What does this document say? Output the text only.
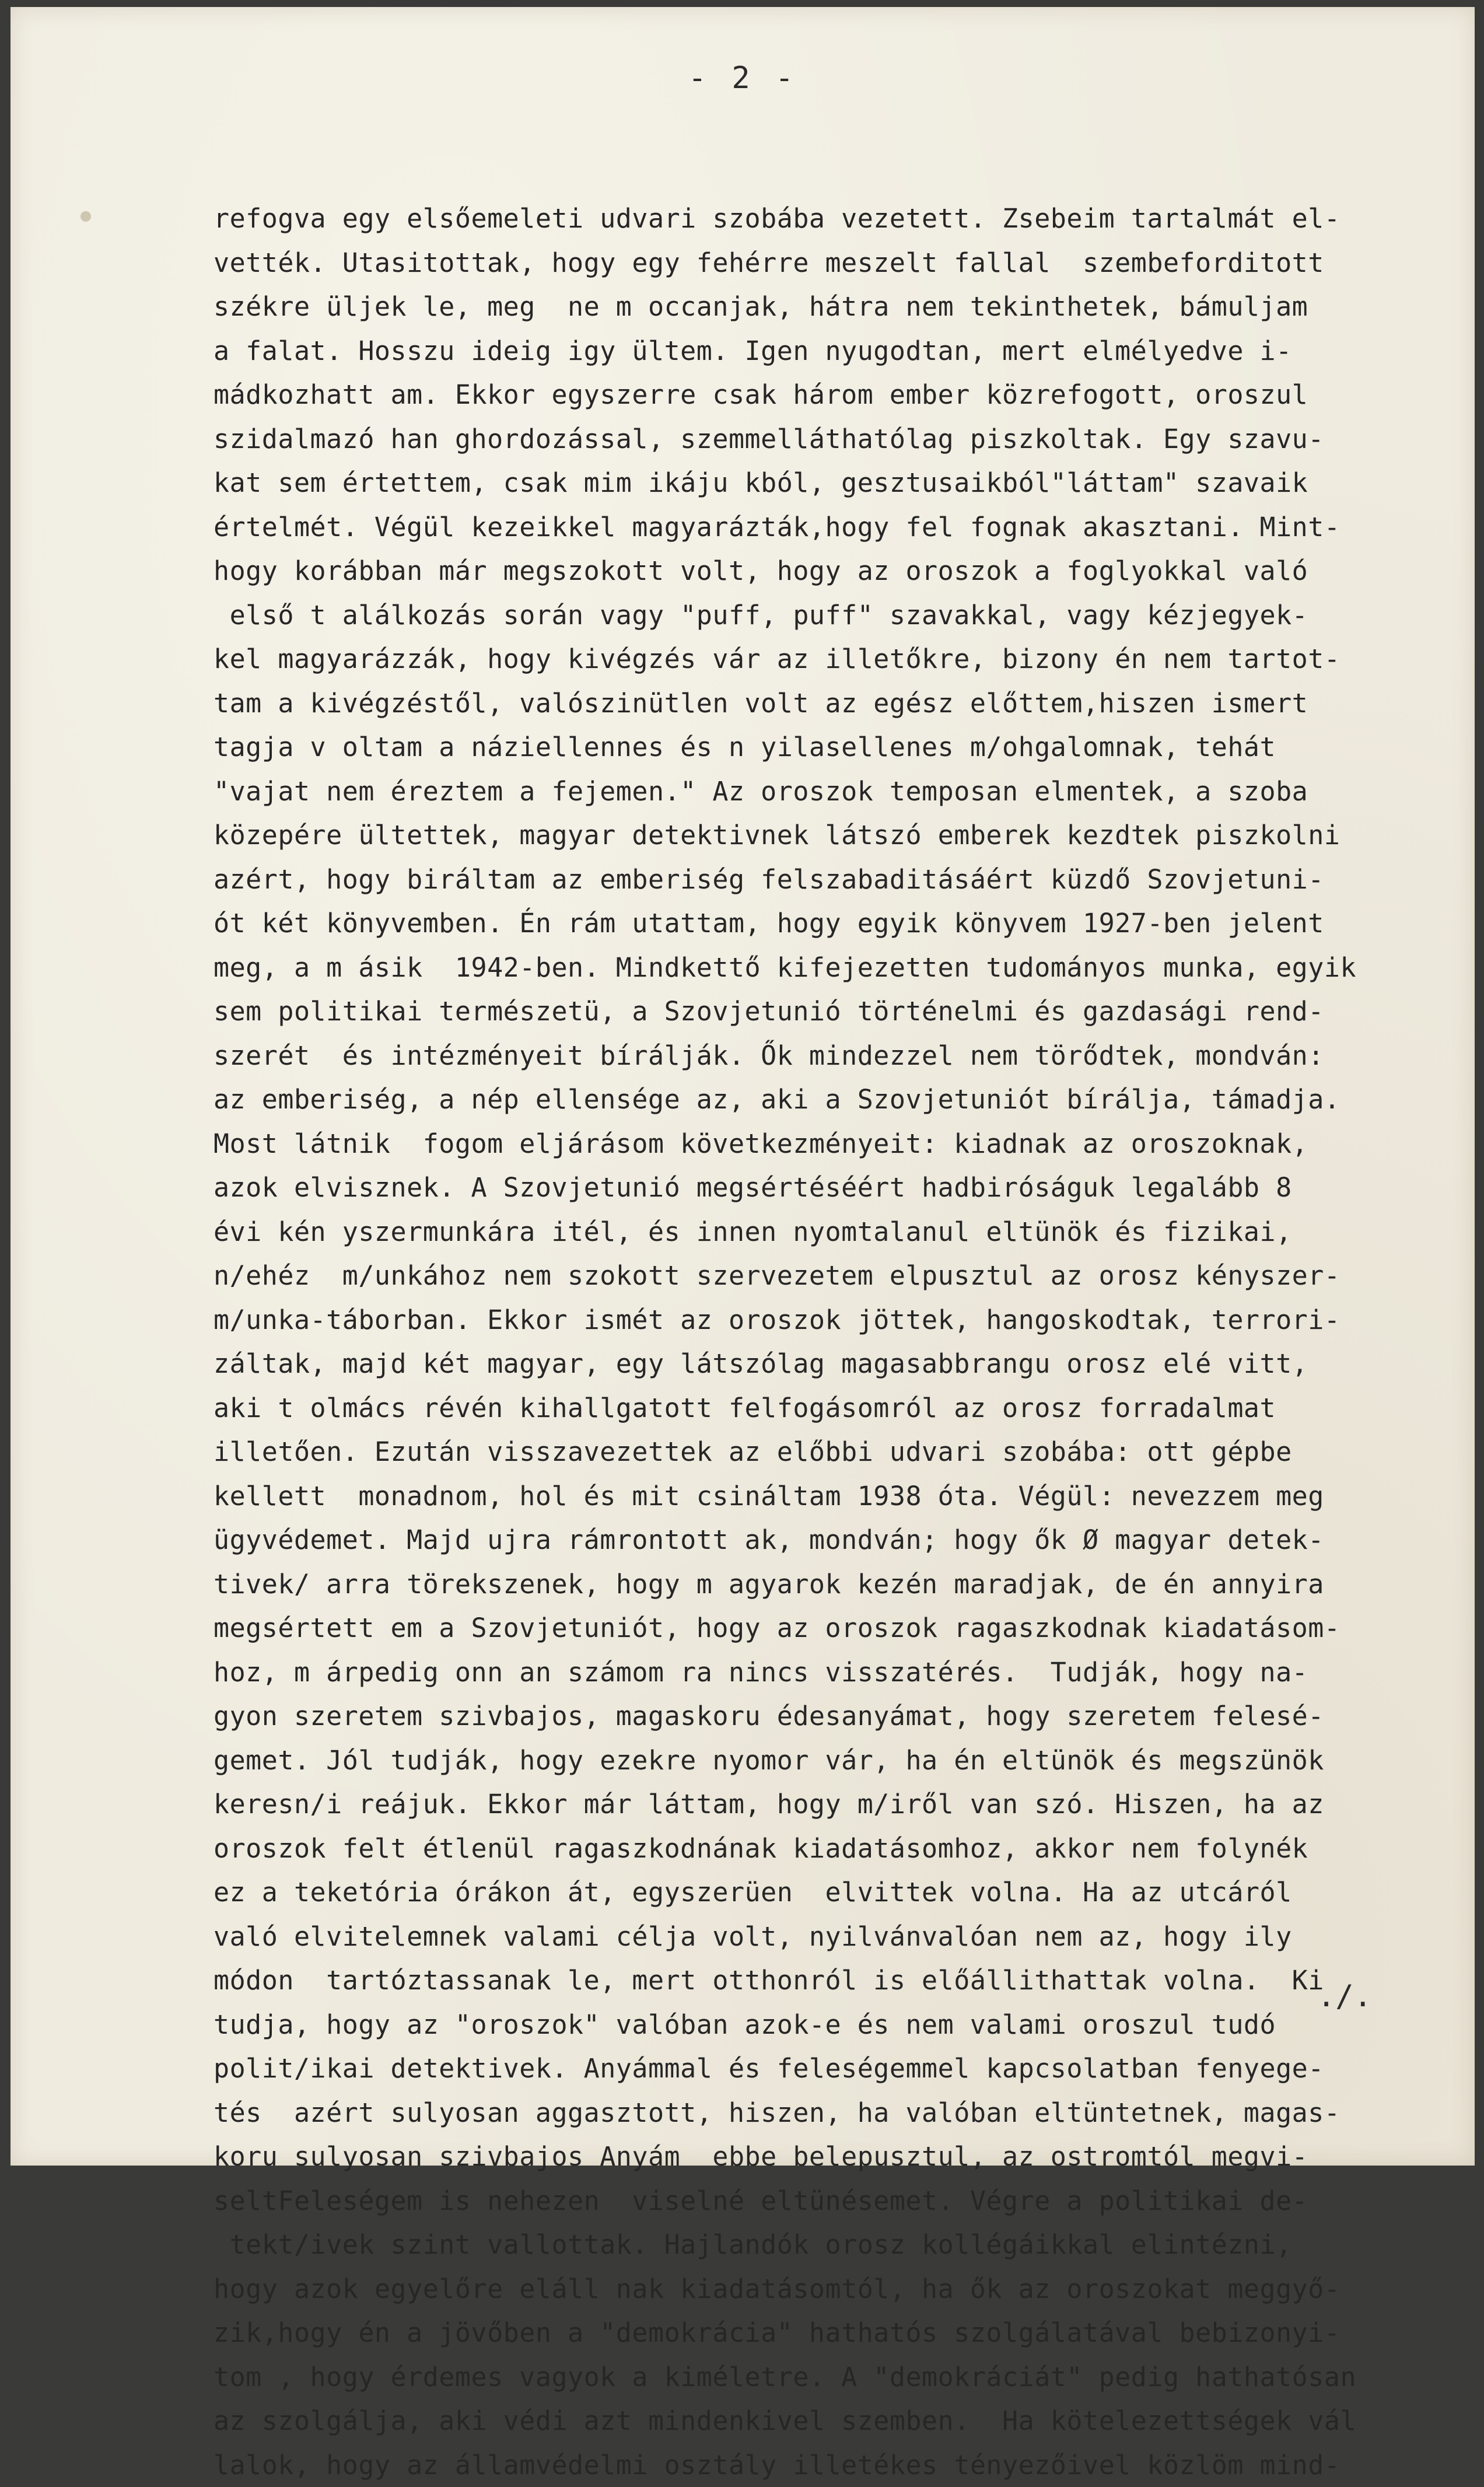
- 2 -
refogva egy elsőemeleti udvari szobába vezetett. Zsebeim tartalmát el-
vették. Utasitottak, hogy egy fehérre meszelt fallal  szembeforditott
székre üljek le, meg  ne m occanjak, hátra nem tekinthetek, bámuljam
a falat. Hosszu ideig igy ültem. Igen nyugodtan, mert elmélyedve i-
mádkozhatt am. Ekkor egyszerre csak három ember közrefogott, oroszul
szidalmazó han ghordozással, szemmelláthatólag piszkoltak. Egy szavu-
kat sem értettem, csak mim ikáju kból, gesztusaikból"láttam" szavaik
értelmét. Végül kezeikkel magyarázták,hogy fel fognak akasztani. Mint-
hogy korábban már megszokott volt, hogy az oroszok a foglyokkal való
első t alálkozás során vagy "puff, puff" szavakkal, vagy kézjegyek-
kel magyarázzák, hogy kivégzés vár az illetőkre, bizony én nem tartot-
tam a kivégzéstől, valószinütlen volt az egész előttem,hiszen ismert
tagja v oltam a náziellennes és n yilasellenes m/ohgalomnak, tehát
"vajat nem éreztem a fejemen." Az oroszok temposan elmentek, a szoba
közepére ültettek, magyar detektivnek látszó emberek kezdtek piszkolni
azért, hogy biráltam az emberiség felszabaditásáért küzdő Szovjetuni-
ót két könyvemben. Én rám utattam, hogy egyik könyvem 1927-ben jelent
meg, a m ásik  1942-ben. Mindkettő kifejezetten tudományos munka, egyik
sem politikai természetü, a Szovjetunió történelmi és gazdasági rend-
szerét  és intézményeit bírálják. Ők mindezzel nem törődtek, mondván:
az emberiség, a nép ellensége az, aki a Szovjetuniót bírálja, támadja.
Most látnik  fogom eljárásom következményeit: kiadnak az oroszoknak,
azok elvisznek. A Szovjetunió megsértéséért hadbiróságuk legalább 8
évi kén yszermunkára itél, és innen nyomtalanul eltünök és fizikai,
n/ehéz  m/unkához nem szokott szervezetem elpusztul az orosz kényszer-
m/unka-táborban. Ekkor ismét az oroszok jöttek, hangoskodtak, terrori-
záltak, majd két magyar, egy látszólag magasabbrangu orosz elé vitt,
aki t olmács révén kihallgatott felfogásomról az orosz forradalmat
illetően. Ezután visszavezettek az előbbi udvari szobába: ott gépbe
kellett  monadnom, hol és mit csináltam 1938 óta. Végül: nevezzem meg
ügyvédemet. Majd ujra rámrontott ak, mondván; hogy ők Ø magyar detek-
tivek/ arra törekszenek, hogy m agyarok kezén maradjak, de én annyira
megsértett em a Szovjetuniót, hogy az oroszok ragaszkodnak kiadatásom-
hoz, m árpedig onn an számom ra nincs visszatérés.  Tudják, hogy na-
gyon szeretem szivbajos, magaskoru édesanyámat, hogy szeretem felesé-
gemet. Jól tudják, hogy ezekre nyomor vár, ha én eltünök és megszünök
keresn/i reájuk. Ekkor már láttam, hogy m/iről van szó. Hiszen, ha az
oroszok felt étlenül ragaszkodnának kiadatásomhoz, akkor nem folynék
ez a teketória órákon át, egyszerüen  elvittek volna. Ha az utcáról
való elvitelemnek valami célja volt, nyilvánvalóan nem az, hogy ily
módon  tartóztassanak le, mert otthonról is előállithattak volna.  Ki
tudja, hogy az "oroszok" valóban azok-e és nem valami oroszul tudó
polit/ikai detektivek. Anyámmal és feleségemmel kapcsolatban fenyege-
tés  azért sulyosan aggasztott, hiszen, ha valóban eltüntetnek, magas-
koru sulyosan szivbajos Anyám  ebbe belepusztul, az ostromtól megvi-
seltFeleségem is nehezen  viselné eltünésemet. Végre a politikai de-
tekt/ivek szint vallottak. Hajlandók orosz kollégáikkal elintézni,
hogy azok egyelőre eláll nak kiadatásomtól, ha ők az oroszokat meggyő-
zik,hogy én a jövőben a "demokrácia" hathatós szolgálatával bebizonyi-
tom , hogy érdemes vagyok a kiméletre. A "demokráciát" pedig hathatósan
az szolgálja, aki védi azt mindenkivel szemben.  Ha kötelezettségek vál
lalok, hogy az államvédelmi osztály illetékes tényezőivel közlöm mind-
./.
